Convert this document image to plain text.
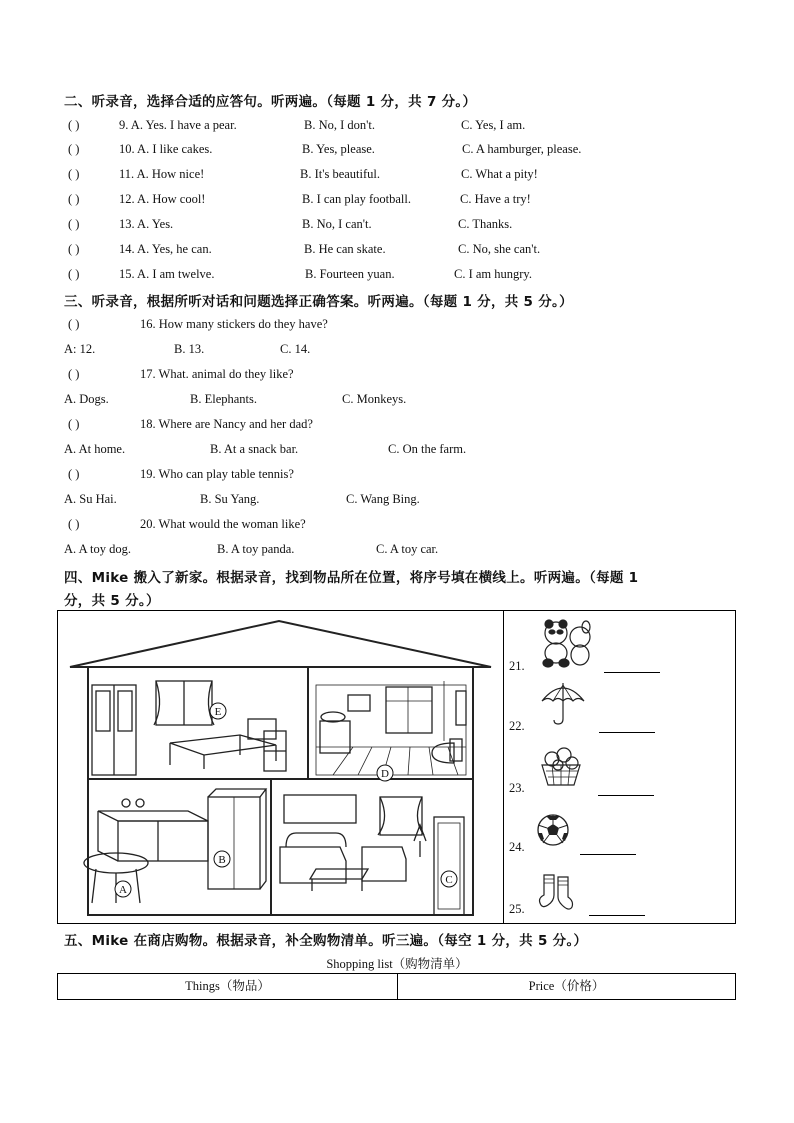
二、听录音，选择合适的应答句。听两遍。（每题 1 分，共 7 分。）
( )	9. A. Yes. I have a pear.	B. No, I don't.	C. Yes, I am.
( )	10. A. I like cakes.	B. Yes, please.	C. A hamburger, please.
( )	11. A. How nice!	B. It's beautiful.	C. What a pity!
( )	12. A. How cool!	B. I can play football.	C. Have a try!
( )	13. A. Yes.	B. No, I can't.	C. Thanks.
( )	14. A. Yes, he can.	B. He can skate.	C. No, she can't.
( )	15. A. I am twelve.	B. Fourteen yuan.	C. I am hungry.
三、听录音，根据所听对话和问题选择正确答案。听两遍。（每题 1 分，共 5 分。）
( )	16. How many stickers do they have?
A: 12.	B. 13.	C. 14.
( )	17. What. animal do they like?
A. Dogs.	B. Elephants.	C. Monkeys.
( )	18. Where are Nancy and her dad?
A. At home.	B. At a snack bar.	C. On the farm.
( )	19. Who can play table tennis?
A. Su Hai.	B. Su Yang.	C. Wang Bing.
( )	20. What would the woman like?
A. A toy dog.	B. A toy panda.	C. A toy car.
四、Mike 搬入了新家。根据录音，找到物品所在位置，将序号填在横线上。听两遍。（每题 1
分，共 5 分。）
E
D
B
A
C
21.
22.
23.
24.
25.
五、Mike 在商店购物。根据录音，补全购物清单。听三遍。（每空 1 分，共 5 分。）
Shopping list（购物清单）
Things（物品）	Price（价格）
